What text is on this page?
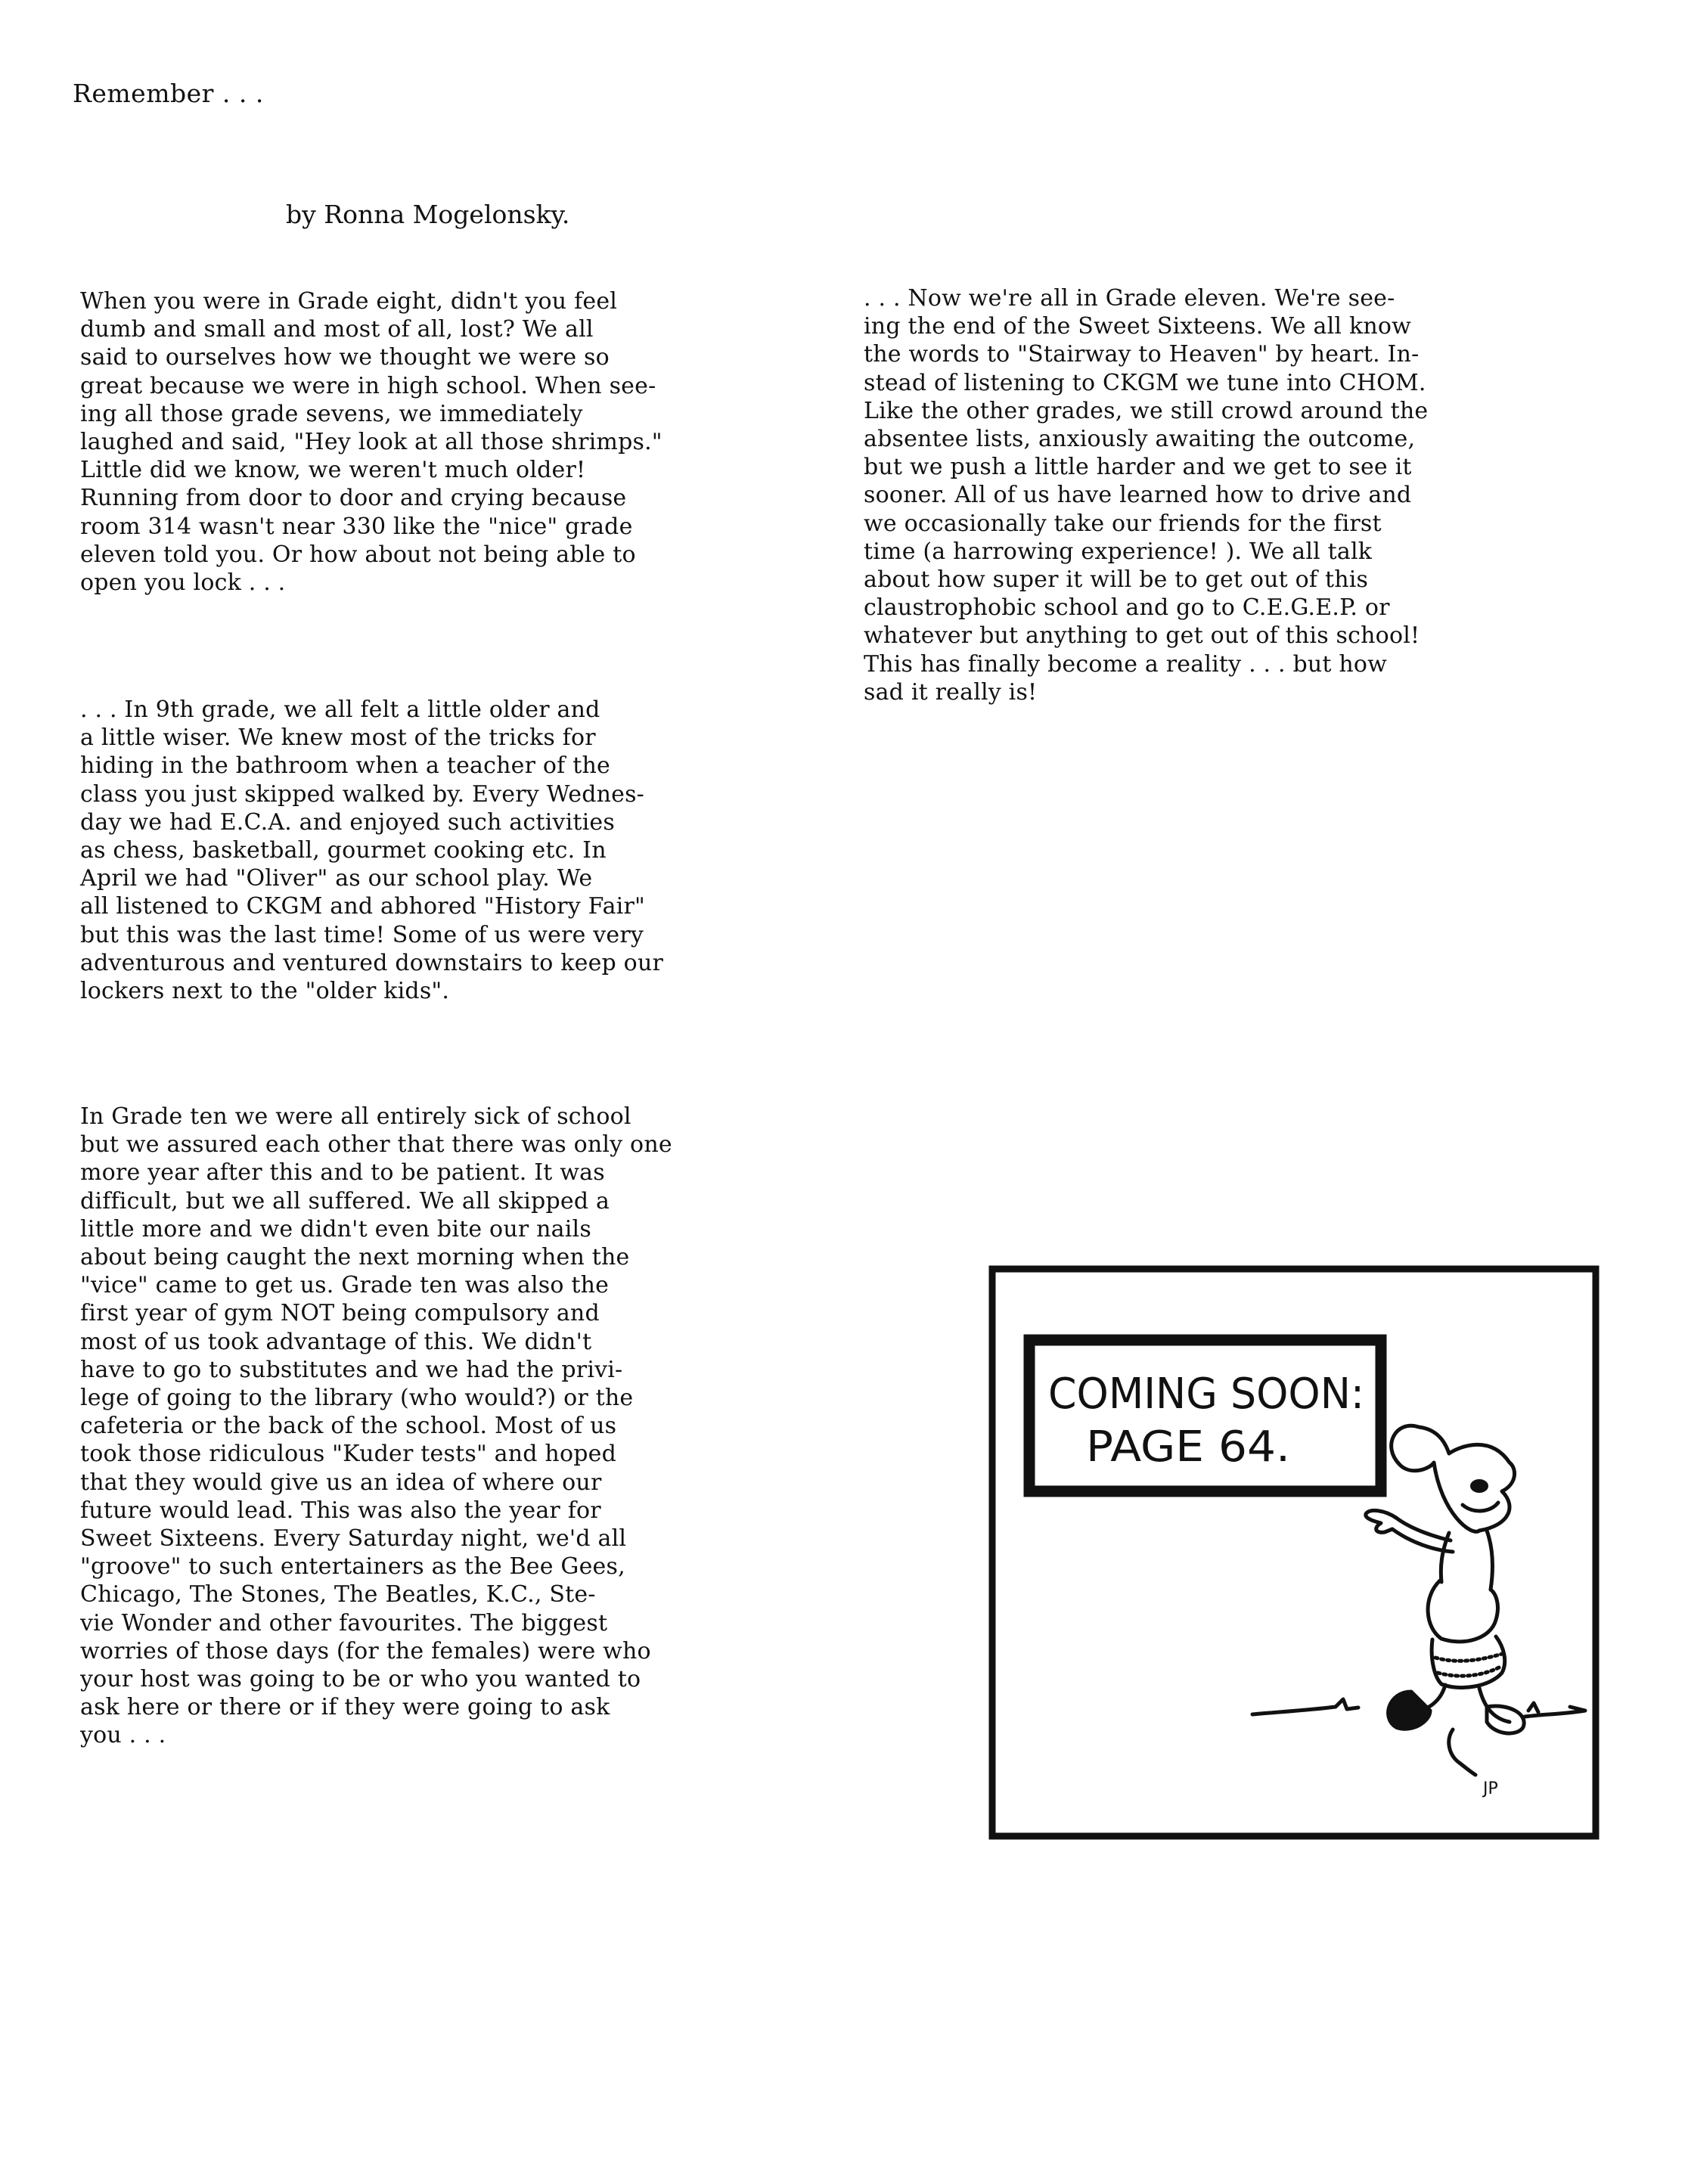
Remember . . .

by Ronna Mogelonsky.

When you were in Grade eight, didn't you feel
dumb and small and most of all, lost? We all
said to ourselves how we thought we were so
great because we were in high school. When see-
ing all those grade sevens, we immediately
laughed and said, "Hey look at all those shrimps."
Little did we know, we weren't much older!
Running from door to door and crying because
room 314 wasn't near 330 like the "nice" grade
eleven told you. Or how about not being able to
open you lock . . .

. . . In 9th grade, we all felt a little older and
a little wiser. We knew most of the tricks for
hiding in the bathroom when a teacher of the
class you just skipped walked by. Every Wednes-
day we had E.C.A. and enjoyed such activities
as chess, basketball, gourmet cooking etc. In
April we had "Oliver" as our school play. We
all listened to CKGM and abhored "History Fair"
but this was the last time! Some of us were very
adventurous and ventured downstairs to keep our
lockers next to the "older kids".

In Grade ten we were all entirely sick of school
but we assured each other that there was only one
more year after this and to be patient. It was
difficult, but we all suffered. We all skipped a
little more and we didn't even bite our nails
about being caught the next morning when the
"vice" came to get us. Grade ten was also the
first year of gym NOT being compulsory and
most of us took advantage of this. We didn't
have to go to substitutes and we had the privi-
lege of going to the library (who would?) or the
cafeteria or the back of the school. Most of us
took those ridiculous "Kuder tests" and hoped
that they would give us an idea of where our
future would lead. This was also the year for
Sweet Sixteens. Every Saturday night, we'd all
"groove" to such entertainers as the Bee Gees,
Chicago, The Stones, The Beatles, K.C., Ste-
vie Wonder and other favourites. The biggest
worries of those days (for the females) were who
your host was going to be or who you wanted to
ask here or there or if they were going to ask
you . . .

. . . Now we're all in Grade eleven. We're see-
ing the end of the Sweet Sixteens. We all know
the words to "Stairway to Heaven" by heart. In-
stead of listening to CKGM we tune into CHOM.
Like the other grades, we still crowd around the
absentee lists, anxiously awaiting the outcome,
but we push a little harder and we get to see it
sooner. All of us have learned how to drive and
we occasionally take our friends for the first
time (a harrowing experience! ). We all talk
about how super it will be to get out of this
claustrophobic school and go to C.E.G.E.P. or
whatever but anything to get out of this school!
This has finally become a reality . . . but how
sad it really is!

COMING SOON:
PAGE 64.
JP
